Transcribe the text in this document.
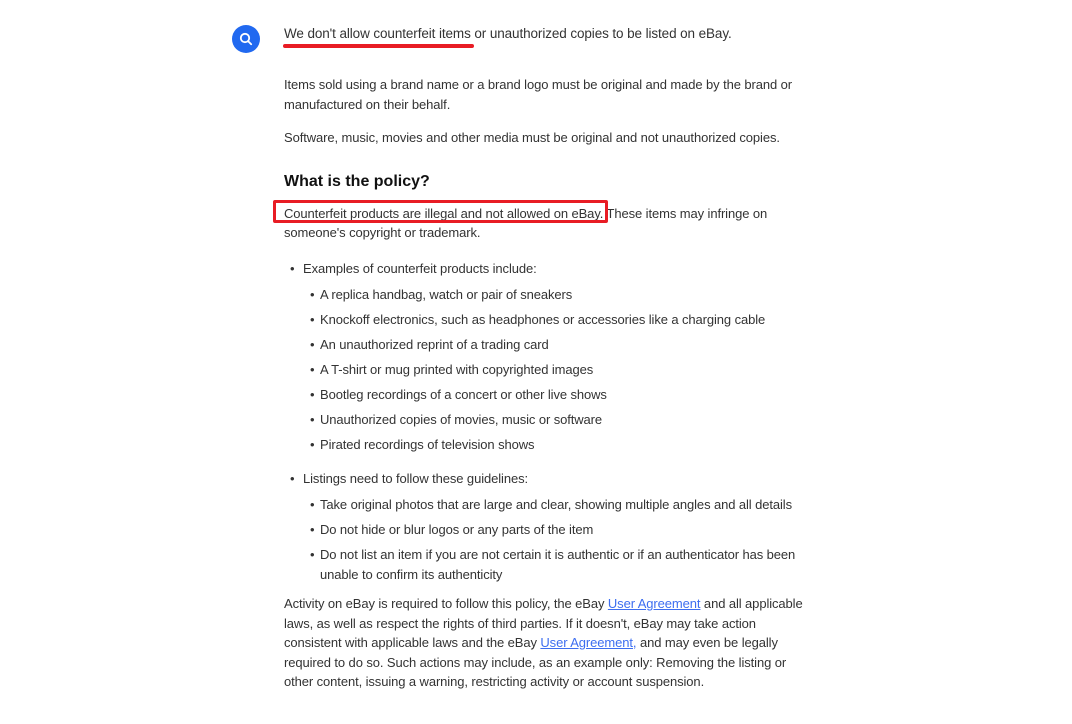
We don't allow counterfeit items or unauthorized copies to be listed on eBay.

Items sold using a brand name or a brand logo must be original and made by the brand or manufactured on their behalf.

Software, music, movies and other media must be original and not unauthorized copies.

What is the policy?

Counterfeit products are illegal and not allowed on eBay. These items may infringe on someone's copyright or trademark.

• Examples of counterfeit products include:
• A replica handbag, watch or pair of sneakers
• Knockoff electronics, such as headphones or accessories like a charging cable
• An unauthorized reprint of a trading card
• A T-shirt or mug printed with copyrighted images
• Bootleg recordings of a concert or other live shows
• Unauthorized copies of movies, music or software
• Pirated recordings of television shows
• Listings need to follow these guidelines:
• Take original photos that are large and clear, showing multiple angles and all details
• Do not hide or blur logos or any parts of the item
• Do not list an item if you are not certain it is authentic or if an authenticator has been unable to confirm its authenticity

Activity on eBay is required to follow this policy, the eBay User Agreement and all applicable laws, as well as respect the rights of third parties. If it doesn't, eBay may take action consistent with applicable laws and the eBay User Agreement, and may even be legally required to do so. Such actions may include, as an example only: Removing the listing or other content, issuing a warning, restricting activity or account suspension.
